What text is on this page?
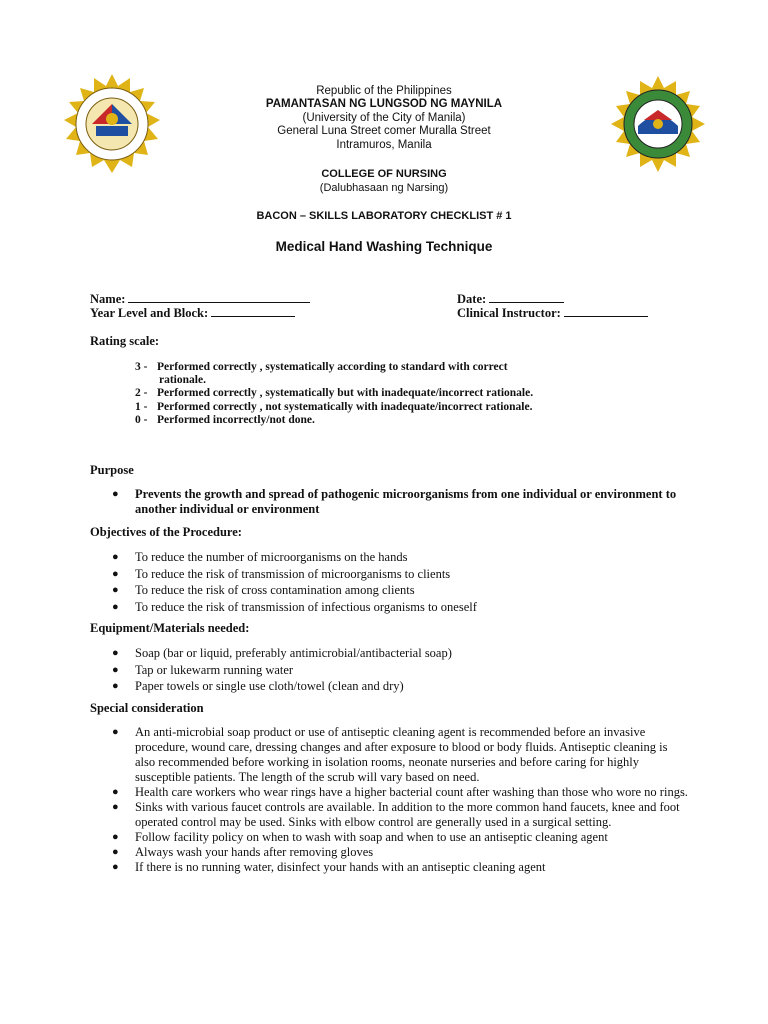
Republic of the Philippines
PAMANTASAN NG LUNGSOD NG MAYNILA
(University of the City of Manila)
General Luna Street comer Muralla Street
Intramuros, Manila
COLLEGE OF NURSING
(Dalubhasaan ng Narsing)
BACON – SKILLS LABORATORY CHECKLIST # 1
Medical Hand Washing Technique
Name:	Date:
Year Level and Block:	Clinical Instructor:
Rating scale:
3 - Performed correctly , systematically according to standard with correct
rationale.
2 - Performed correctly , systematically but with inadequate/incorrect rationale.
1 - Performed correctly , not systematically with inadequate/incorrect rationale.
0 - Performed incorrectly/not done.
Purpose
● Prevents the growth and spread of pathogenic microorganisms from one individual or environment to another individual or environment
Objectives of the Procedure:
● To reduce the number of microorganisms on the hands
● To reduce the risk of transmission of microorganisms to clients
● To reduce the risk of cross contamination among clients
● To reduce the risk of transmission of infectious organisms to oneself
Equipment/Materials needed:
● Soap (bar or liquid, preferably antimicrobial/antibacterial soap)
● Tap or lukewarm running water
● Paper towels or single use cloth/towel (clean and dry)
Special consideration
● An anti-microbial soap product or use of antiseptic cleaning agent is recommended before an invasive procedure, wound care, dressing changes and after exposure to blood or body fluids. Antiseptic cleaning is also recommended before working in isolation rooms, neonate nurseries and before caring for highly susceptible patients. The length of the scrub will vary based on need.
● Health care workers who wear rings have a higher bacterial count after washing than those who wore no rings.
● Sinks with various faucet controls are available. In addition to the more common hand faucets, knee and foot operated control may be used. Sinks with elbow control are generally used in a surgical setting.
● Follow facility policy on when to wash with soap and when to use an antiseptic cleaning agent
● Always wash your hands after removing gloves
● If there is no running water, disinfect your hands with an antiseptic cleaning agent
